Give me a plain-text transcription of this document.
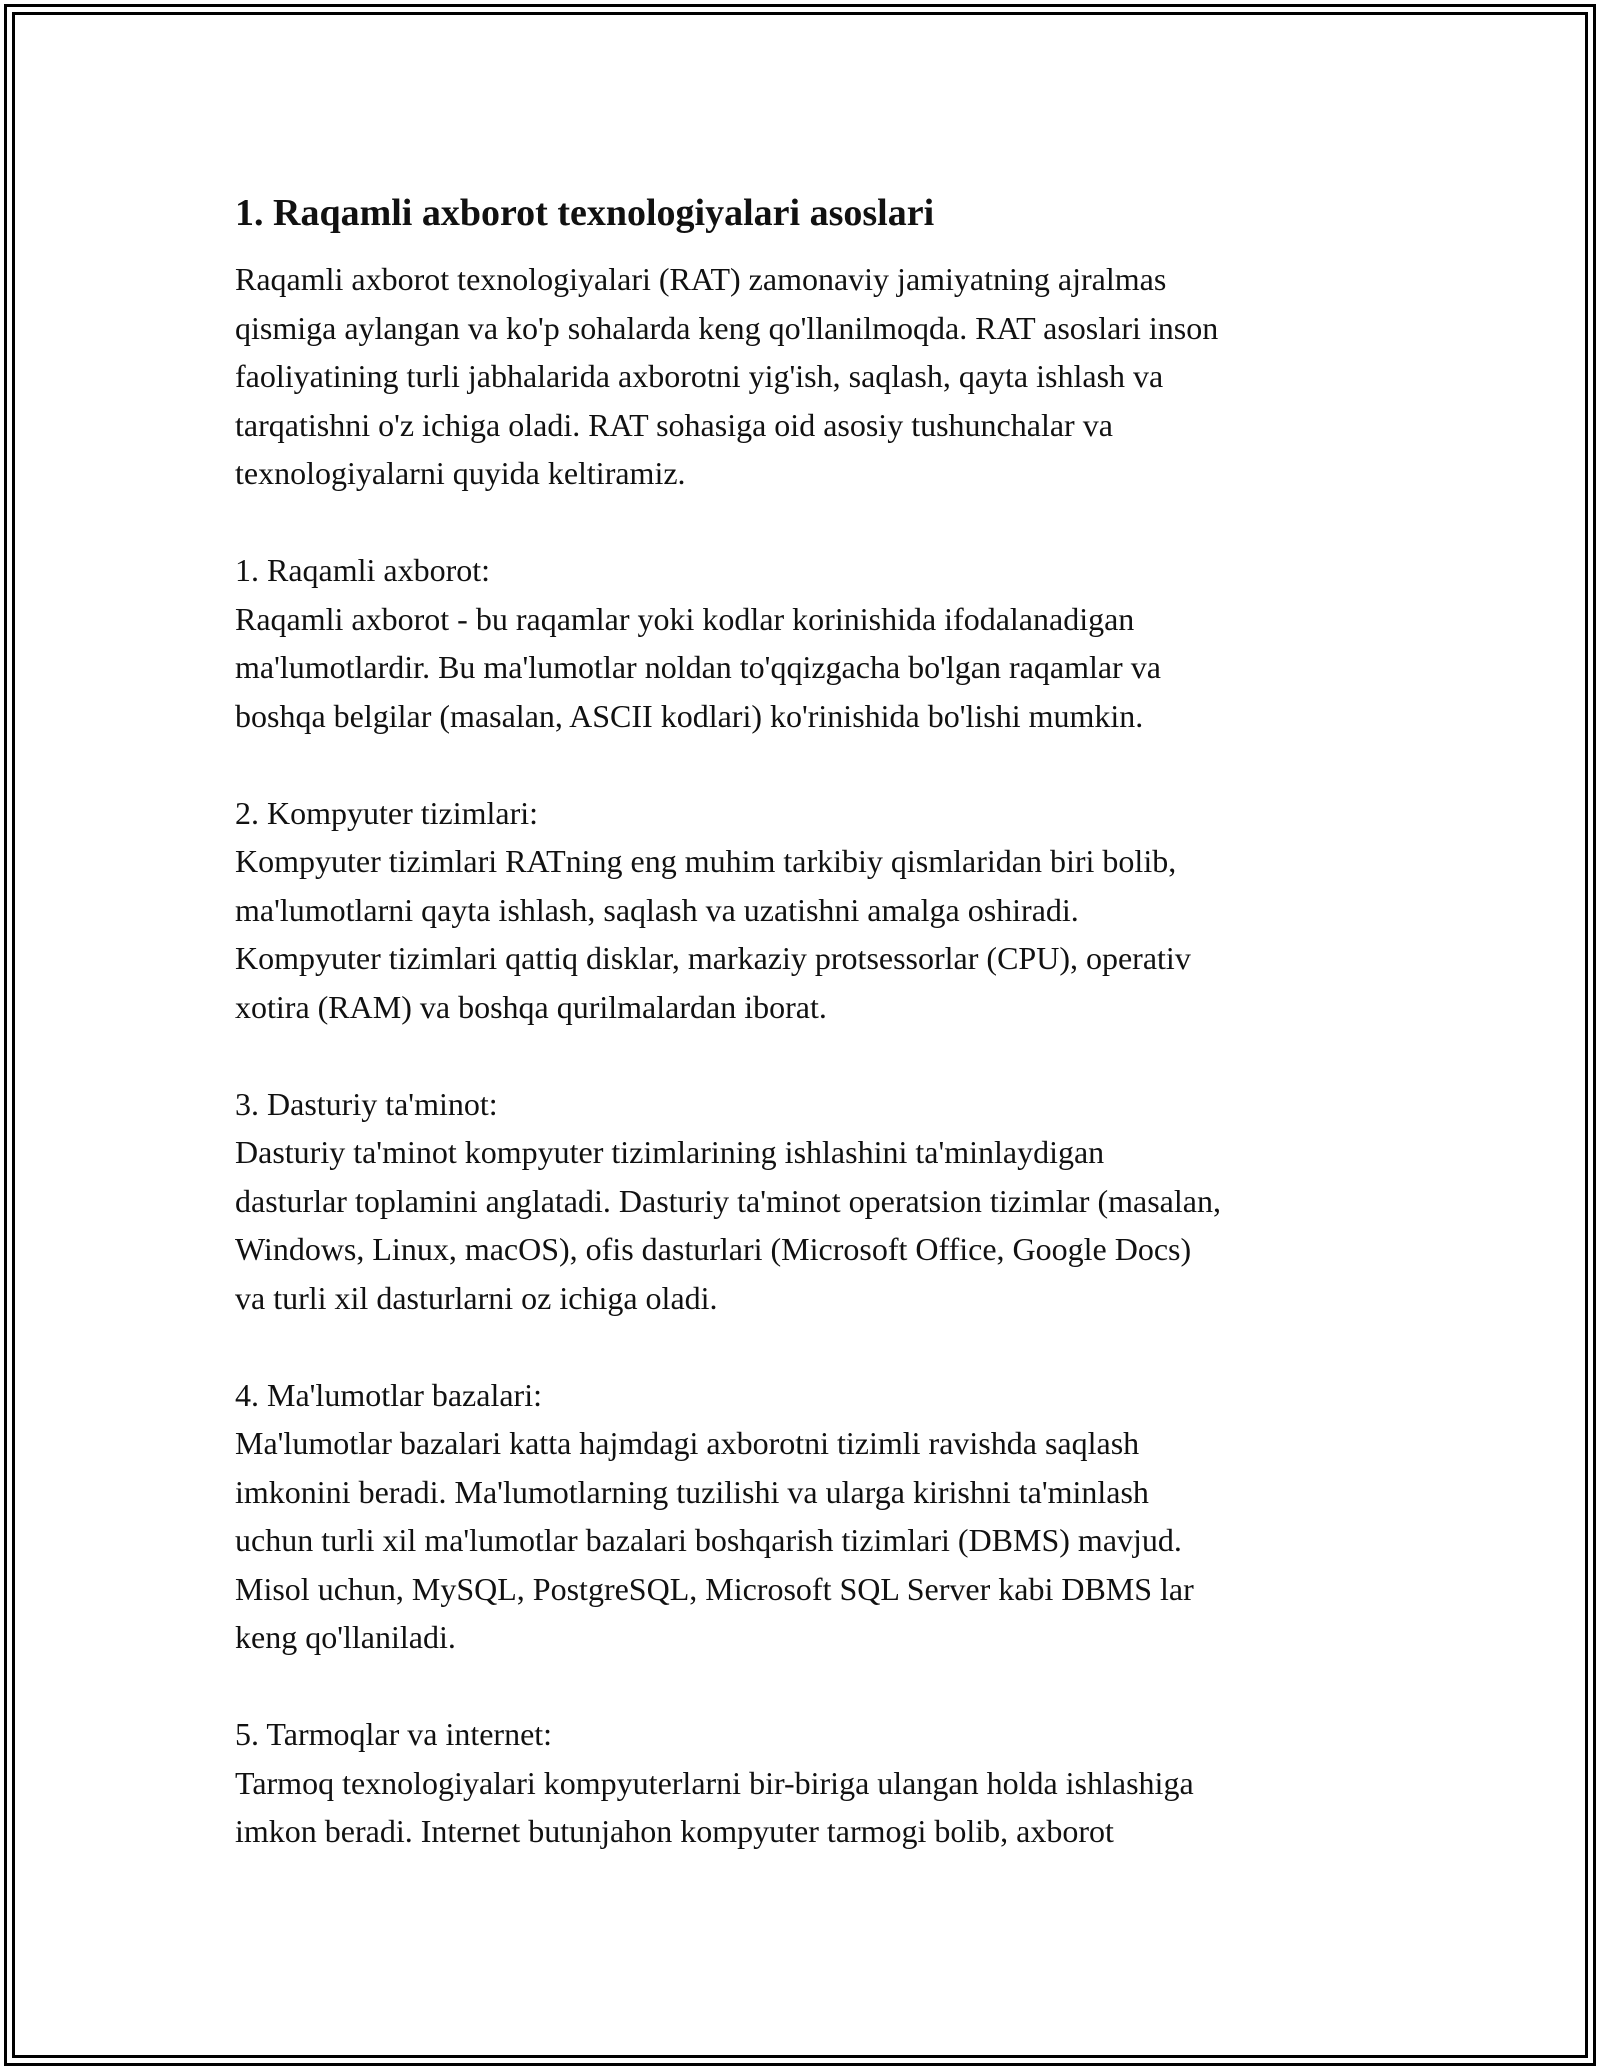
1. Raqamli axborot texnologiyalari asoslari
Raqamli axborot texnologiyalari (RAT) zamonaviy jamiyatning ajralmas
qismiga aylangan va ko'p sohalarda keng qo'llanilmoqda. RAT asoslari inson
faoliyatining turli jabhalarida axborotni yig'ish, saqlash, qayta ishlash va
tarqatishni o'z ichiga oladi. RAT sohasiga oid asosiy tushunchalar va
texnologiyalarni quyida keltiramiz.
1. Raqamli axborot:
Raqamli axborot - bu raqamlar yoki kodlar korinishida ifodalanadigan
ma'lumotlardir. Bu ma'lumotlar noldan to'qqizgacha bo'lgan raqamlar va
boshqa belgilar (masalan, ASCII kodlari) ko'rinishida bo'lishi mumkin.
2. Kompyuter tizimlari:
Kompyuter tizimlari RATning eng muhim tarkibiy qismlaridan biri bolib,
ma'lumotlarni qayta ishlash, saqlash va uzatishni amalga oshiradi.
Kompyuter tizimlari qattiq disklar, markaziy protsessorlar (CPU), operativ
xotira (RAM) va boshqa qurilmalardan iborat.
3. Dasturiy ta'minot:
Dasturiy ta'minot kompyuter tizimlarining ishlashini ta'minlaydigan
dasturlar toplamini anglatadi. Dasturiy ta'minot operatsion tizimlar (masalan,
Windows, Linux, macOS), ofis dasturlari (Microsoft Office, Google Docs)
va turli xil dasturlarni oz ichiga oladi.
4. Ma'lumotlar bazalari:
Ma'lumotlar bazalari katta hajmdagi axborotni tizimli ravishda saqlash
imkonini beradi. Ma'lumotlarning tuzilishi va ularga kirishni ta'minlash
uchun turli xil ma'lumotlar bazalari boshqarish tizimlari (DBMS) mavjud.
Misol uchun, MySQL, PostgreSQL, Microsoft SQL Server kabi DBMS lar
keng qo'llaniladi.
5. Tarmoqlar va internet:
Tarmoq texnologiyalari kompyuterlarni bir-biriga ulangan holda ishlashiga
imkon beradi. Internet butunjahon kompyuter tarmogi bolib, axborot
